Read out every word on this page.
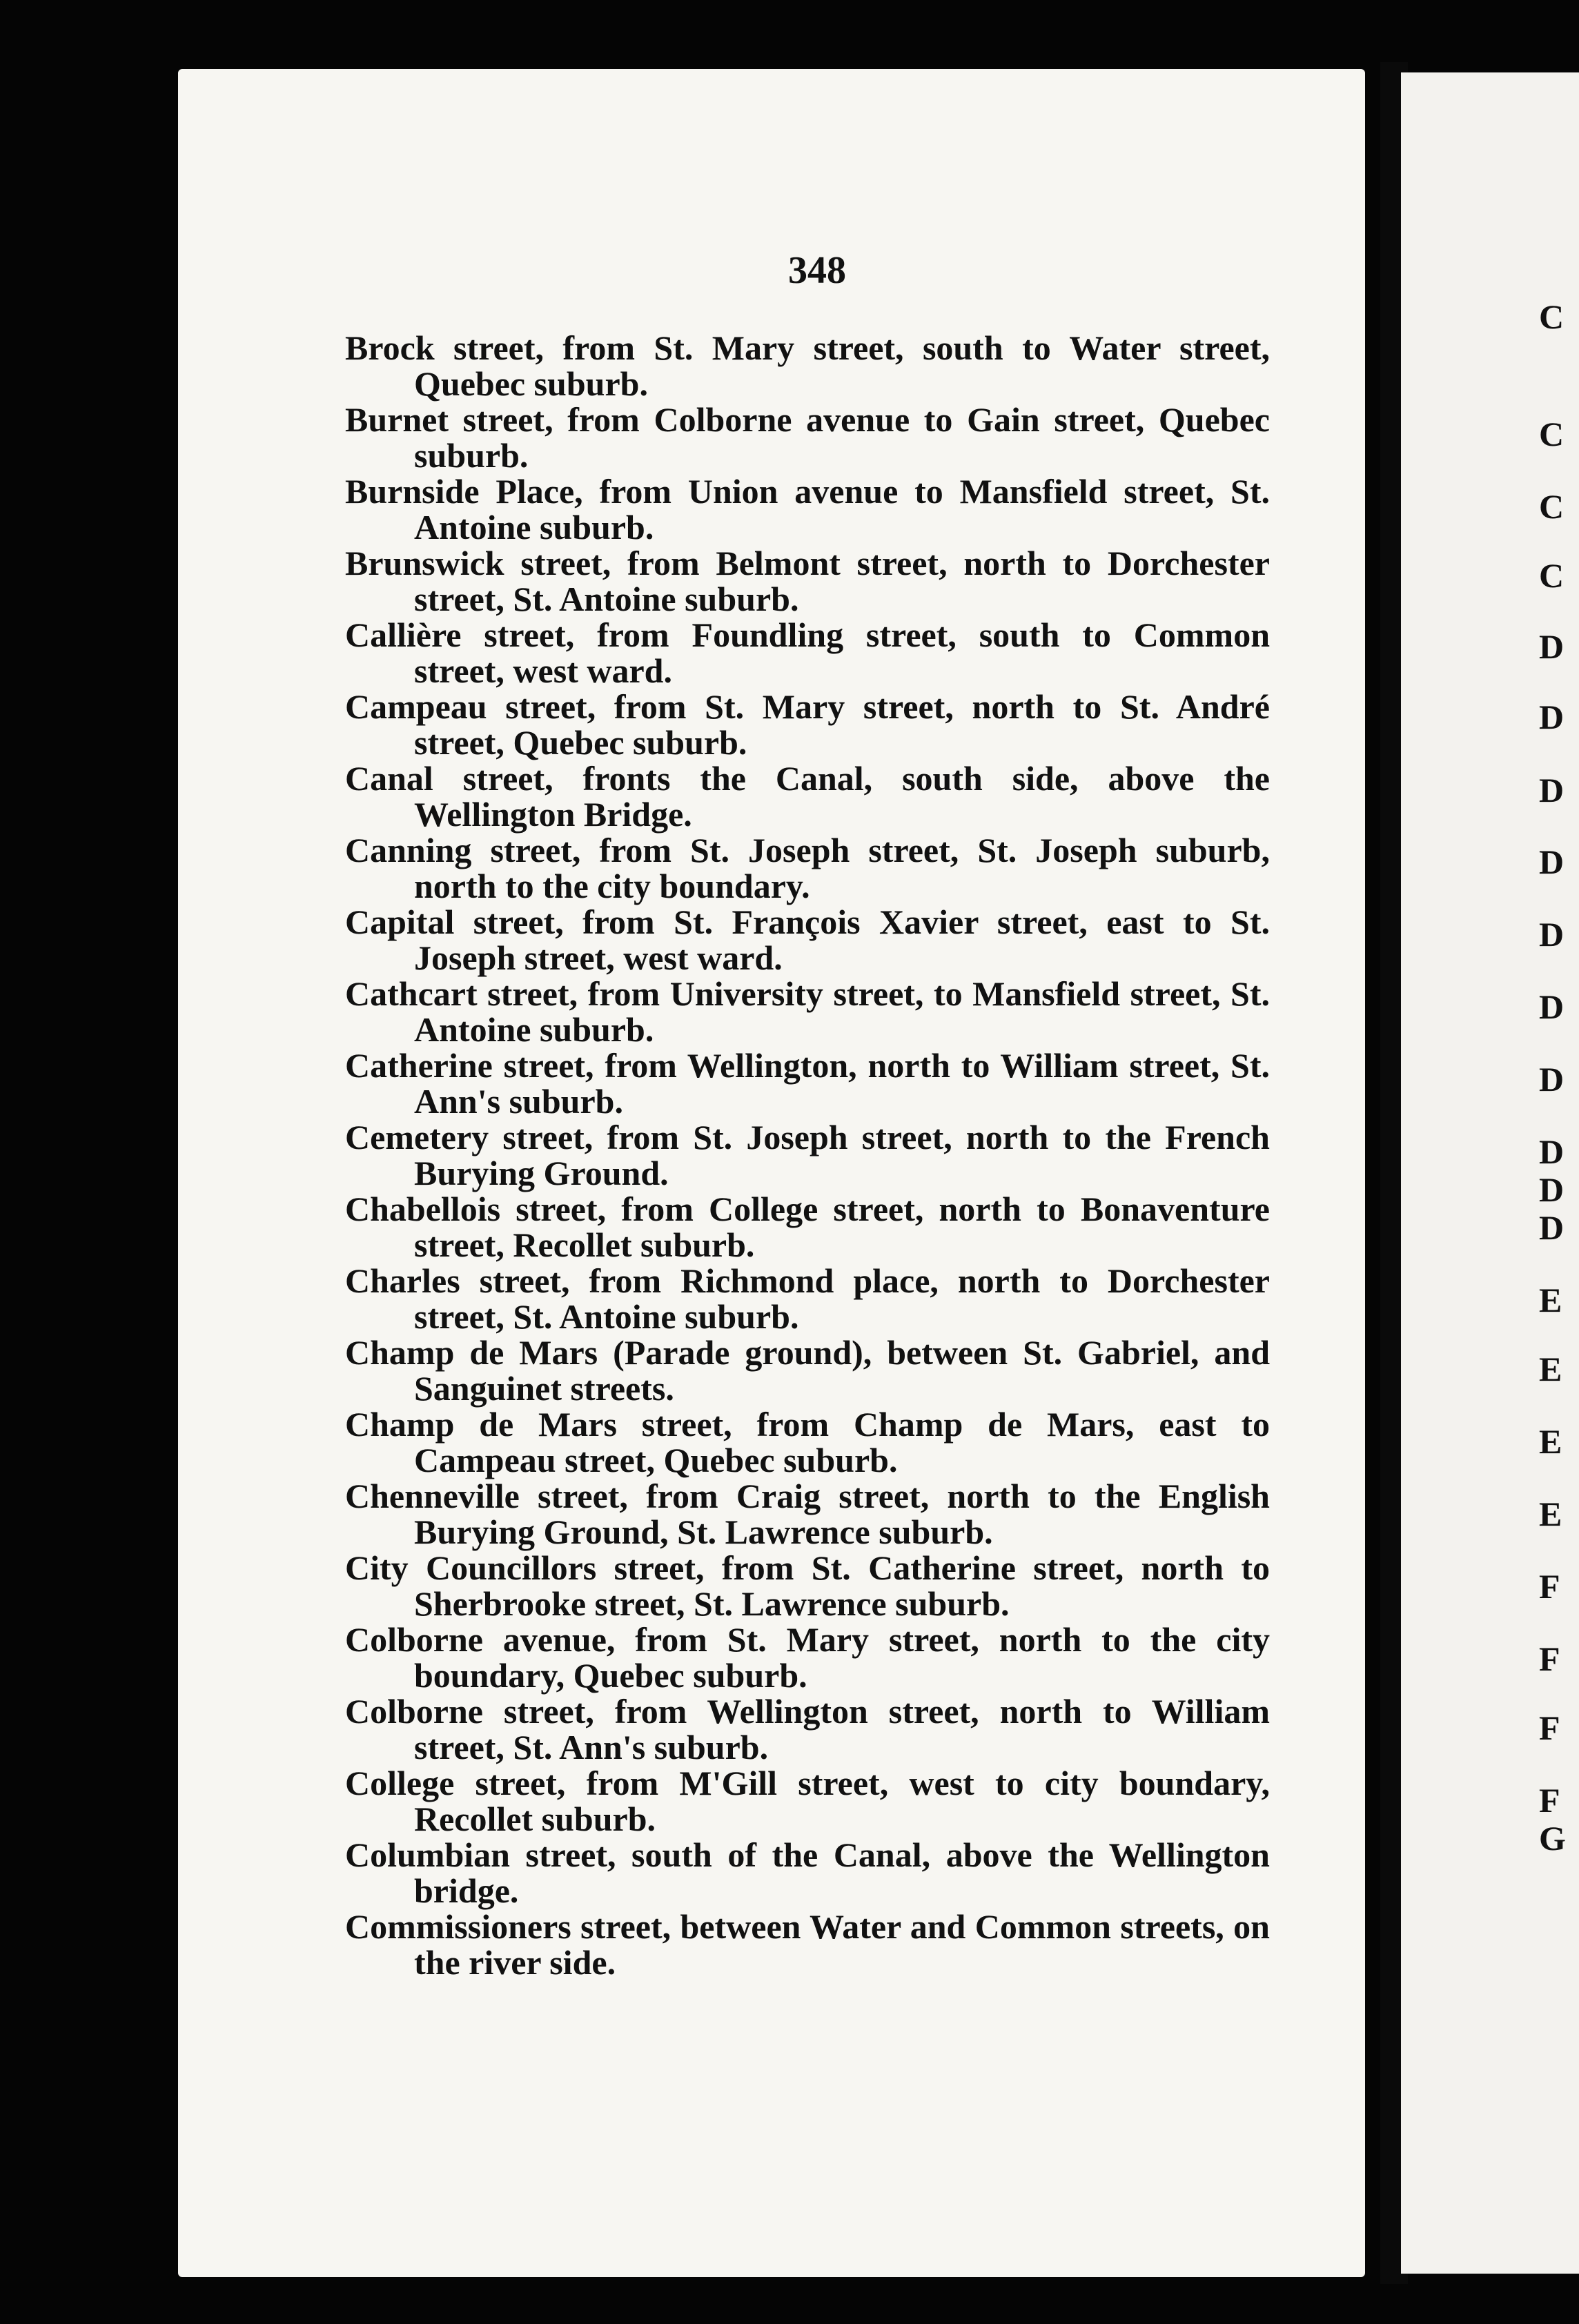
348

Brock street, from St. Mary street, south to Water street, Quebec suburb.

Burnet street, from Colborne avenue to Gain street, Quebec suburb.

Burnside Place, from Union avenue to Mansfield street, St. Antoine suburb.

Brunswick street, from Belmont street, north to Dorchester street, St. Antoine suburb.

Callière street, from Foundling street, south to Common street, west ward.

Campeau street, from St. Mary street, north to St. André street, Quebec suburb.

Canal street, fronts the Canal, south side, above the Wellington Bridge.

Canning street, from St. Joseph street, St. Joseph suburb, north to the city boundary.

Capital street, from St. François Xavier street, east to St. Joseph street, west ward.

Cathcart street, from University street, to Mansfield street, St. Antoine suburb.

Catherine street, from Wellington, north to William street, St. Ann's suburb.

Cemetery street, from St. Joseph street, north to the French Burying Ground.

Chabellois street, from College street, north to Bonaventure street, Recollet suburb.

Charles street, from Richmond place, north to Dorchester street, St. Antoine suburb.

Champ de Mars (Parade ground), between St. Gabriel, and Sanguinet streets.

Champ de Mars street, from Champ de Mars, east to Campeau street, Quebec suburb.

Chenneville street, from Craig street, north to the English Burying Ground, St. Lawrence suburb.

City Councillors street, from St. Catherine street, north to Sherbrooke street, St. Lawrence suburb.

Colborne avenue, from St. Mary street, north to the city boundary, Quebec suburb.

Colborne street, from Wellington street, north to William street, St. Ann's suburb.

College street, from M'Gill street, west to city boundary, Recollet suburb.

Columbian street, south of the Canal, above the Wellington bridge.

Commissioners street, between Water and Common streets, on the river side.

C
C
C
C
D
D
D
D
D
D
D
D
D
D
E
E
E
E
F
F
F
F
G
